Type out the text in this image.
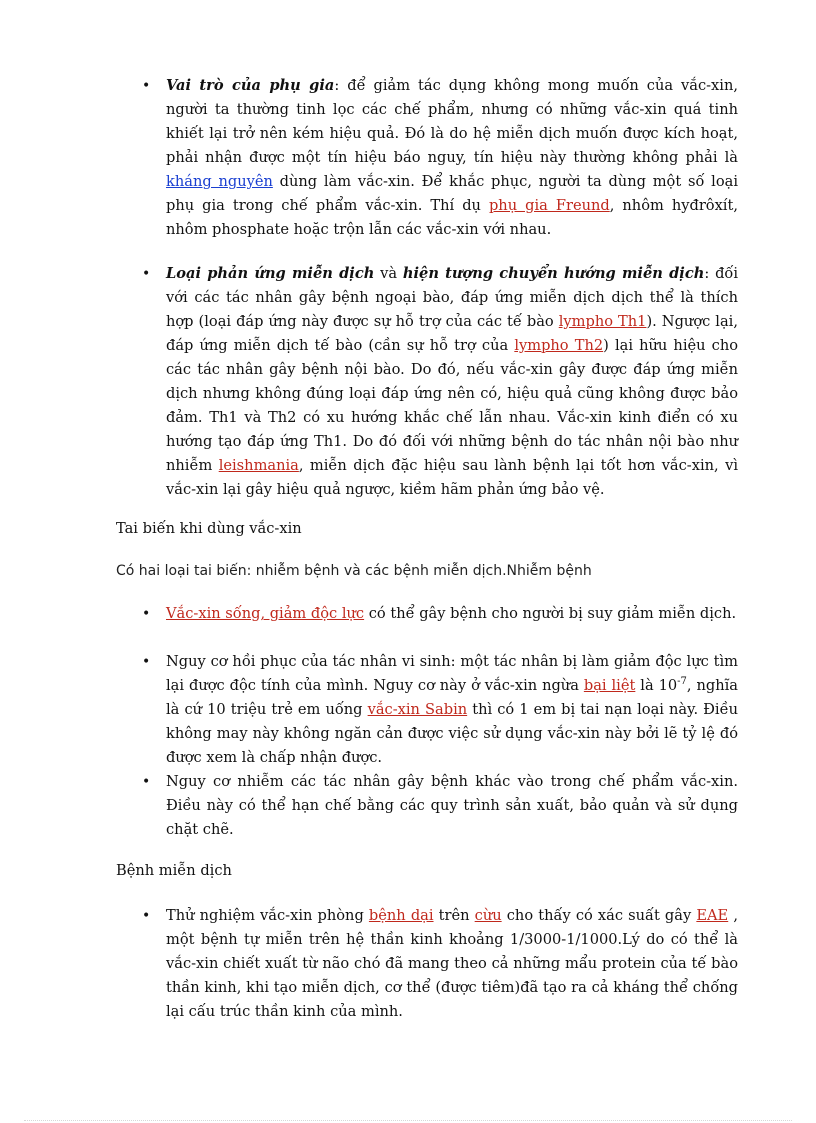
• Vai trò của phụ gia: để giảm tác dụng không mong muốn của vắc-xin, người ta thường tinh lọc các chế phẩm, nhưng có những vắc-xin quá tinh khiết lại trở nên kém hiệu quả. Đó là do hệ miễn dịch muốn được kích hoạt, phải nhận được một tín hiệu báo nguy, tín hiệu này thường không phải là kháng nguyên dùng làm vắc-xin. Để khắc phục, người ta dùng một số loại phụ gia trong chế phẩm vắc-xin. Thí dụ phụ gia Freund, nhôm hyđrôxít, nhôm phosphate hoặc trộn lẫn các vắc-xin với nhau.
• Loại phản ứng miễn dịch và hiện tượng chuyển hướng miễn dịch: đối với các tác nhân gây bệnh ngoại bào, đáp ứng miễn dịch dịch thể là thích hợp (loại đáp ứng này được sự hỗ trợ của các tế bào lympho Th1). Ngược lại, đáp ứng miễn dịch tế bào (cần sự hỗ trợ của lympho Th2) lại hữu hiệu cho các tác nhân gây bệnh nội bào. Do đó, nếu vắc-xin gây được đáp ứng miễn dịch nhưng không đúng loại đáp ứng nên có, hiệu quả cũng không được bảo đảm. Th1 và Th2 có xu hướng khắc chế lẫn nhau. Vắc-xin kinh điển có xu hướng tạo đáp ứng Th1. Do đó đối với những bệnh do tác nhân nội bào như nhiễm leishmania, miễn dịch đặc hiệu sau lành bệnh lại tốt hơn vắc-xin, vì vắc-xin lại gây hiệu quả ngược, kiềm hãm phản ứng bảo vệ.
Tai biến khi dùng vắc-xin
Có hai loại tai biến: nhiễm bệnh và các bệnh miễn dịch.Nhiễm bệnh
• Vắc-xin sống, giảm độc lực có thể gây bệnh cho người bị suy giảm miễn dịch.
• Nguy cơ hồi phục của tác nhân vi sinh: một tác nhân bị làm giảm độc lực tìm lại được độc tính của mình. Nguy cơ này ở vắc-xin ngừa bại liệt là $10^{-7}$, nghĩa là cứ 10 triệu trẻ em uống vắc-xin Sabin thì có 1 em bị tai nạn loại này. Điều không may này không ngăn cản được việc sử dụng vắc-xin này bởi lẽ tỷ lệ đó được xem là chấp nhận được.
• Nguy cơ nhiễm các tác nhân gây bệnh khác vào trong chế phẩm vắc-xin. Điều này có thể hạn chế bằng các quy trình sản xuất, bảo quản và sử dụng chặt chẽ.
Bệnh miễn dịch
• Thử nghiệm vắc-xin phòng bệnh dại trên cừu cho thấy có xác suất gây EAE , một bệnh tự miễn trên hệ thần kinh khoảng 1/3000-1/1000.Lý do có thể là vắc-xin chiết xuất từ não chó đã mang theo cả những mẩu protein của tế bào thần kinh, khi tạo miễn dịch, cơ thể (được tiêm)đã tạo ra cả kháng thể chống lại cấu trúc thần kinh của mình.
